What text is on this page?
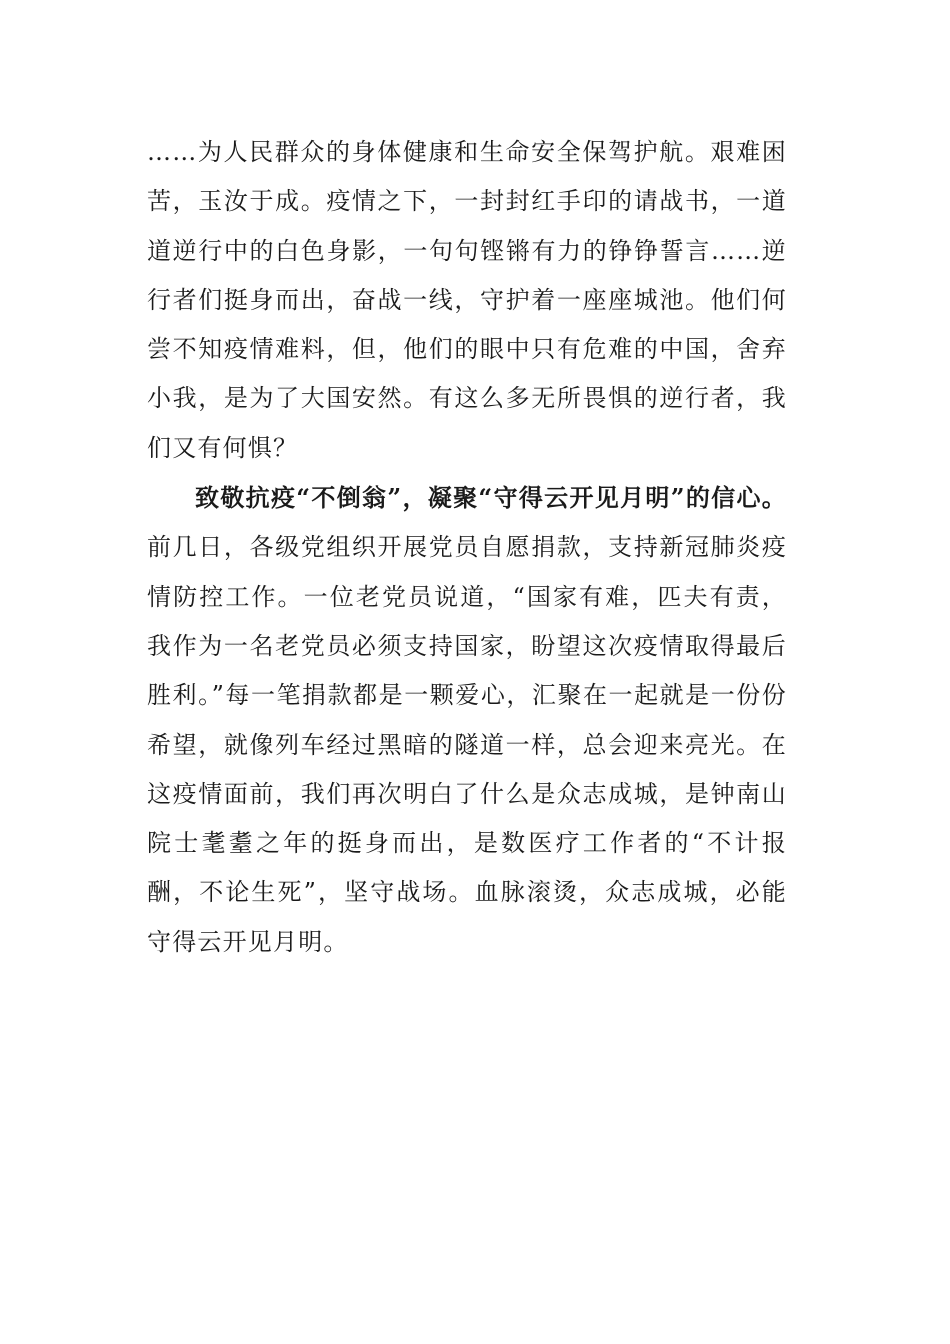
……为人民群众的身体健康和生命安全保驾护航。艰难困苦，玉汝于成。疫情之下，一封封红手印的请战书，一道道逆行中的白色身影，一句句铿锵有力的铮铮誓言……逆行者们挺身而出，奋战一线，守护着一座座城池。他们何尝不知疫情难料，但，他们的眼中只有危难的中国，舍弃小我，是为了大国安然。有这么多无所畏惧的逆行者，我们又有何惧？

致敬抗疫“不倒翁”，凝聚“守得云开见月明”的信心。前几日，各级党组织开展党员自愿捐款，支持新冠肺炎疫情防控工作。一位老党员说道，“国家有难，匹夫有责，我作为一名老党员必须支持国家，盼望这次疫情取得最后胜利。”每一笔捐款都是一颗爱心，汇聚在一起就是一份份希望，就像列车经过黑暗的隧道一样，总会迎来亮光。在这疫情面前，我们再次明白了什么是众志成城，是钟南山院士耄耋之年的挺身而出，是数医疗工作者的“不计报酬，不论生死”，坚守战场。血脉滚烫，众志成城，必能守得云开见月明。
